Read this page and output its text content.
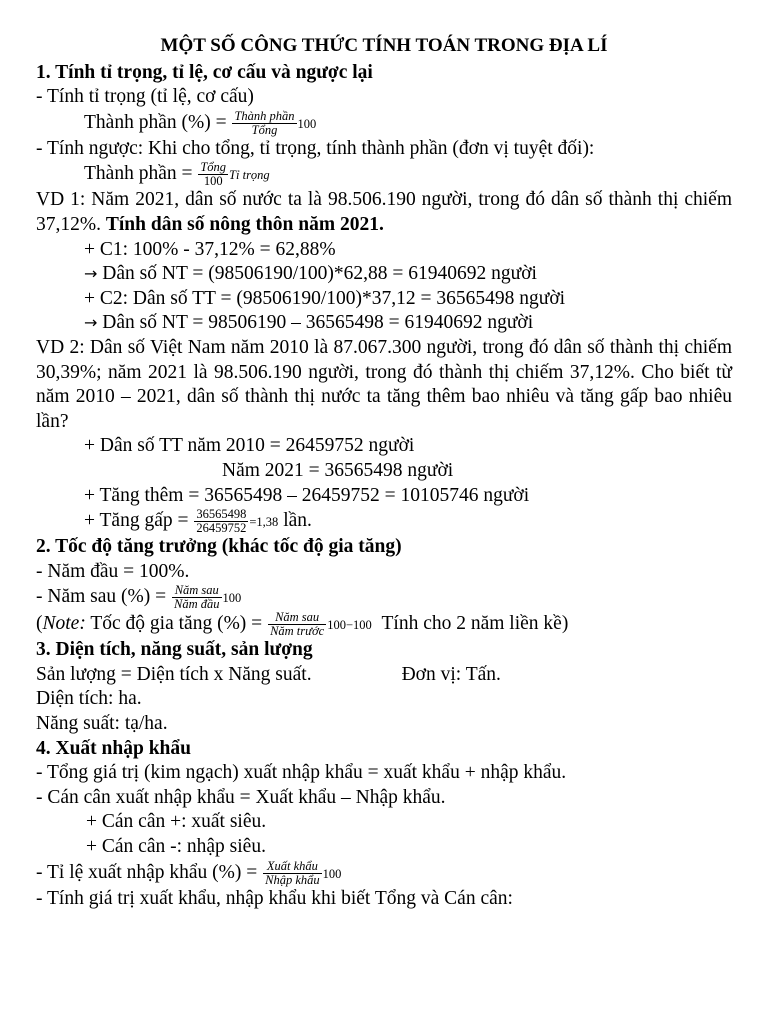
MỘT SỐ CÔNG THỨC TÍNH TOÁN TRONG ĐỊA LÍ
1. Tính tỉ trọng, tỉ lệ, cơ cấu và ngược lại
- Tính tỉ trọng (tỉ lệ, cơ cấu)
Thành phần (%) = $\frac{\text{Thành phần}}{\text{Tổng}} 100$
- Tính ngược: Khi cho tổng, tỉ trọng, tính thành phần (đơn vị tuyệt đối):
Thành phần = $\frac{\text{Tổng}}{100}$ Tỉ trọng
VD 1: Năm 2021, dân số nước ta là 98.506.190 người, trong đó dân số thành thị chiếm 37,12%. Tính dân số nông thôn năm 2021.
+ C1: 100% - 37,12% = 62,88%
→ Dân số NT = (98506190/100)*62,88 = 61940692 người
+ C2: Dân số TT = (98506190/100)*37,12 = 36565498 người
→ Dân số NT = 98506190 – 36565498 = 61940692 người
VD 2: Dân số Việt Nam năm 2010 là 87.067.300 người, trong đó dân số thành thị chiếm 30,39%; năm 2021 là 98.506.190 người, trong đó thành thị chiếm 37,12%. Cho biết từ năm 2010 – 2021, dân số thành thị nước ta tăng thêm bao nhiêu và tăng gấp bao nhiêu lần?
+ Dân số TT năm 2010 = 26459752 người
Năm 2021 = 36565498 người
+ Tăng thêm = 36565498 – 26459752 = 10105746 người
+ Tăng gấp = $\frac{36565498}{26459752} =1,38$ lần.
2. Tốc độ tăng trưởng (khác tốc độ gia tăng)
- Năm đầu = 100%.
- Năm sau (%) = $\frac{\text{Năm sau}}{\text{Năm đầu}} 100$
(Note: Tốc độ gia tăng (%) = $\frac{\text{Năm sau}}{\text{Năm trước}} 100-100$ Tính cho 2 năm liền kề)
3. Diện tích, năng suất, sản lượng
Sản lượng = Diện tích x Năng suất.	Đơn vị: Tấn.
Diện tích: ha.
Năng suất: tạ/ha.
4. Xuất nhập khẩu
- Tổng giá trị (kim ngạch) xuất nhập khẩu = xuất khẩu + nhập khẩu.
- Cán cân xuất nhập khẩu = Xuất khẩu – Nhập khẩu.
+ Cán cân +: xuất siêu.
+ Cán cân -: nhập siêu.
- Tỉ lệ xuất nhập khẩu (%) = $\frac{\text{Xuất khẩu}}{\text{Nhập khẩu}} 100$
- Tính giá trị xuất khẩu, nhập khẩu khi biết Tổng và Cán cân:
